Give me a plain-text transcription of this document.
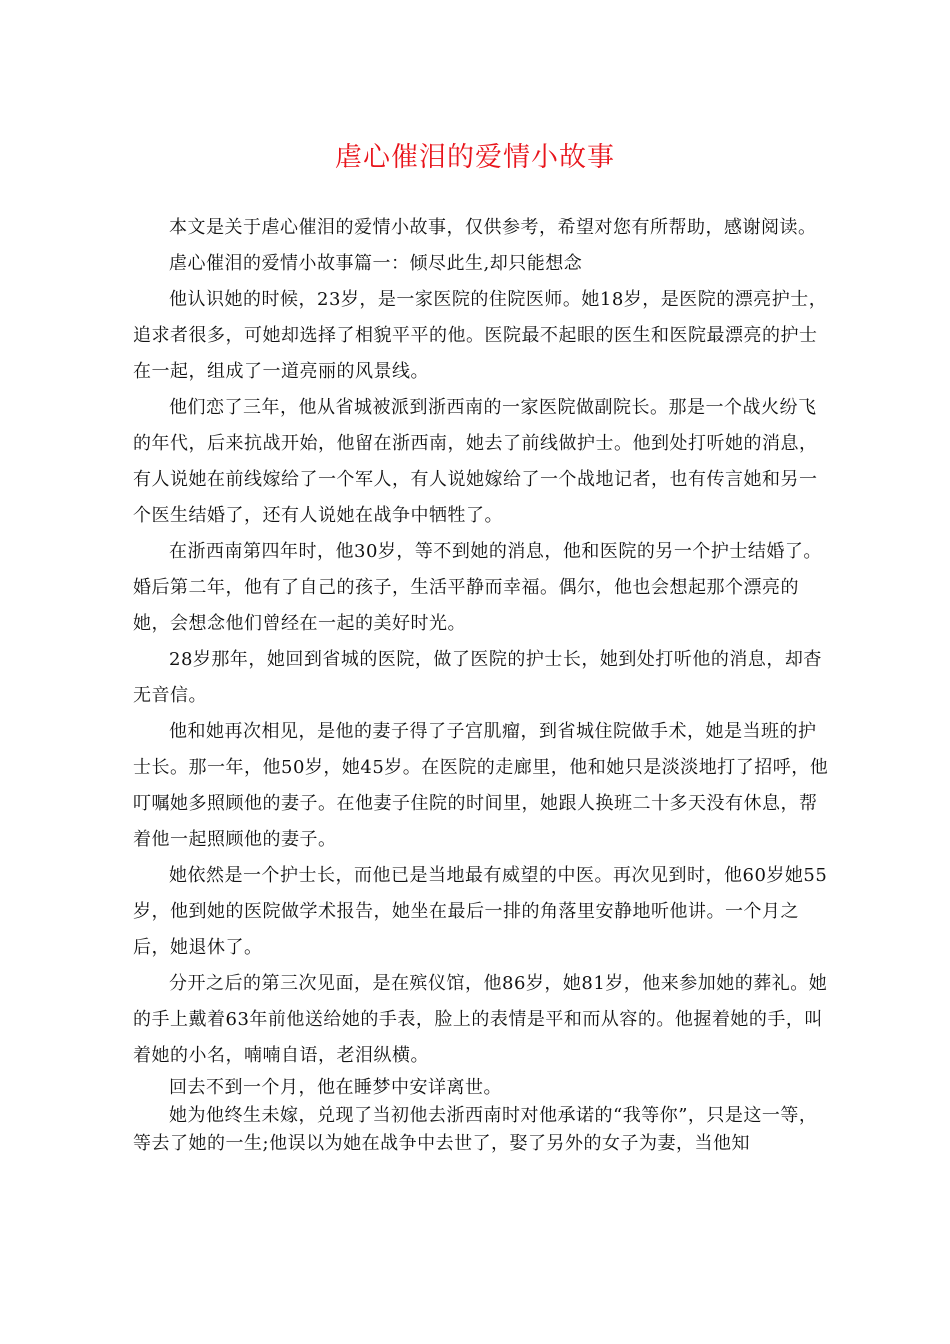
虐心催泪的爱情小故事

本文是关于虐心催泪的爱情小故事，仅供参考，希望对您有所帮助，感谢阅读。

虐心催泪的爱情小故事篇一：倾尽此生,却只能想念

他认识她的时候，23岁，是一家医院的住院医师。她18岁，是医院的漂亮护士，追求者很多，可她却选择了相貌平平的他。医院最不起眼的医生和医院最漂亮的护士在一起，组成了一道亮丽的风景线。

他们恋了三年，他从省城被派到浙西南的一家医院做副院长。那是一个战火纷飞的年代，后来抗战开始，他留在浙西南，她去了前线做护士。他到处打听她的消息，有人说她在前线嫁给了一个军人，有人说她嫁给了一个战地记者，也有传言她和另一个医生结婚了，还有人说她在战争中牺牲了。

在浙西南第四年时，他30岁，等不到她的消息，他和医院的另一个护士结婚了。婚后第二年，他有了自己的孩子，生活平静而幸福。偶尔，他也会想起那个漂亮的她，会想念他们曾经在一起的美好时光。

28岁那年，她回到省城的医院，做了医院的护士长，她到处打听他的消息，却杳无音信。

他和她再次相见，是他的妻子得了子宫肌瘤，到省城住院做手术，她是当班的护士长。那一年，他50岁，她45岁。在医院的走廊里，他和她只是淡淡地打了招呼，他叮嘱她多照顾他的妻子。在他妻子住院的时间里，她跟人换班二十多天没有休息，帮着他一起照顾他的妻子。

她依然是一个护士长，而他已是当地最有威望的中医。再次见到时，他60岁她55岁，他到她的医院做学术报告，她坐在最后一排的角落里安静地听他讲。一个月之后，她退休了。

分开之后的第三次见面，是在殡仪馆，他86岁，她81岁，他来参加她的葬礼。她的手上戴着63年前他送给她的手表，脸上的表情是平和而从容的。他握着她的手，叫着她的小名，喃喃自语，老泪纵横。

回去不到一个月，他在睡梦中安详离世。

她为他终生未嫁，兑现了当初他去浙西南时对他承诺的“我等你”，只是这一等，等去了她的一生;他误以为她在战争中去世了，娶了另外的女子为妻，当他知
